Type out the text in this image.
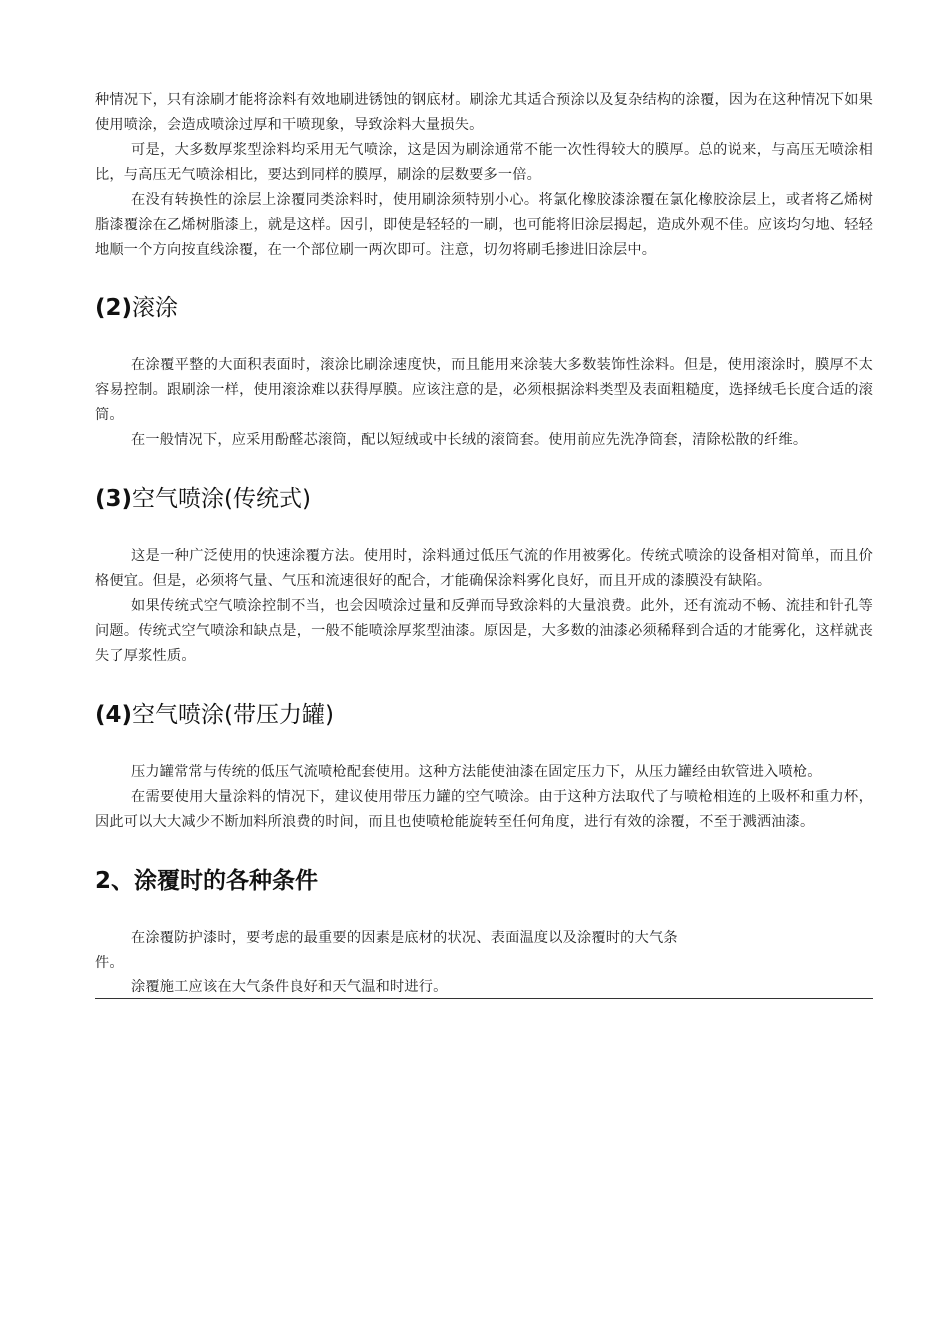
种情况下，只有涂刷才能将涂料有效地刷进锈蚀的钢底材。刷涂尤其适合预涂以及复杂结构的涂覆，因为在这种情况下如果使用喷涂，会造成喷涂过厚和干喷现象，导致涂料大量损失。

可是，大多数厚浆型涂料均采用无气喷涂，这是因为刷涂通常不能一次性得较大的膜厚。总的说来，与高压无喷涂相比，与高压无气喷涂相比，要达到同样的膜厚，刷涂的层数要多一倍。

在没有转换性的涂层上涂覆同类涂料时，使用刷涂须特别小心。将氯化橡胶漆涂覆在氯化橡胶涂层上，或者将乙烯树脂漆覆涂在乙烯树脂漆上，就是这样。因引，即使是轻轻的一刷，也可能将旧涂层揭起，造成外观不佳。应该均匀地、轻轻地顺一个方向按直线涂覆，在一个部位刷一两次即可。注意，切勿将刷毛掺进旧涂层中。

(2)滚涂

在涂覆平整的大面积表面时，滚涂比刷涂速度快，而且能用来涂装大多数装饰性涂料。但是，使用滚涂时，膜厚不太容易控制。跟刷涂一样，使用滚涂难以获得厚膜。应该注意的是，必须根据涂料类型及表面粗糙度，选择绒毛长度合适的滚筒。

在一般情况下，应采用酚醛芯滚筒，配以短绒或中长绒的滚筒套。使用前应先洗净筒套，清除松散的纤维。

(3)空气喷涂(传统式)

这是一种广泛使用的快速涂覆方法。使用时，涂料通过低压气流的作用被雾化。传统式喷涂的设备相对简单，而且价格便宜。但是，必须将气量、气压和流速很好的配合，才能确保涂料雾化良好，而且开成的漆膜没有缺陷。

如果传统式空气喷涂控制不当，也会因喷涂过量和反弹而导致涂料的大量浪费。此外，还有流动不畅、流挂和针孔等问题。传统式空气喷涂和缺点是，一般不能喷涂厚浆型油漆。原因是，大多数的油漆必须稀释到合适的才能雾化，这样就丧失了厚浆性质。

(4)空气喷涂(带压力罐)

压力罐常常与传统的低压气流喷枪配套使用。这种方法能使油漆在固定压力下，从压力罐经由软管进入喷枪。

在需要使用大量涂料的情况下，建议使用带压力罐的空气喷涂。由于这种方法取代了与喷枪相连的上吸杯和重力杯，因此可以大大减少不断加料所浪费的时间，而且也使喷枪能旋转至任何角度，进行有效的涂覆，不至于溅洒油漆。

2、涂覆时的各种条件

在涂覆防护漆时，要考虑的最重要的因素是底材的状况、表面温度以及涂覆时的大气条

件。

涂覆施工应该在大气条件良好和天气温和时进行。
